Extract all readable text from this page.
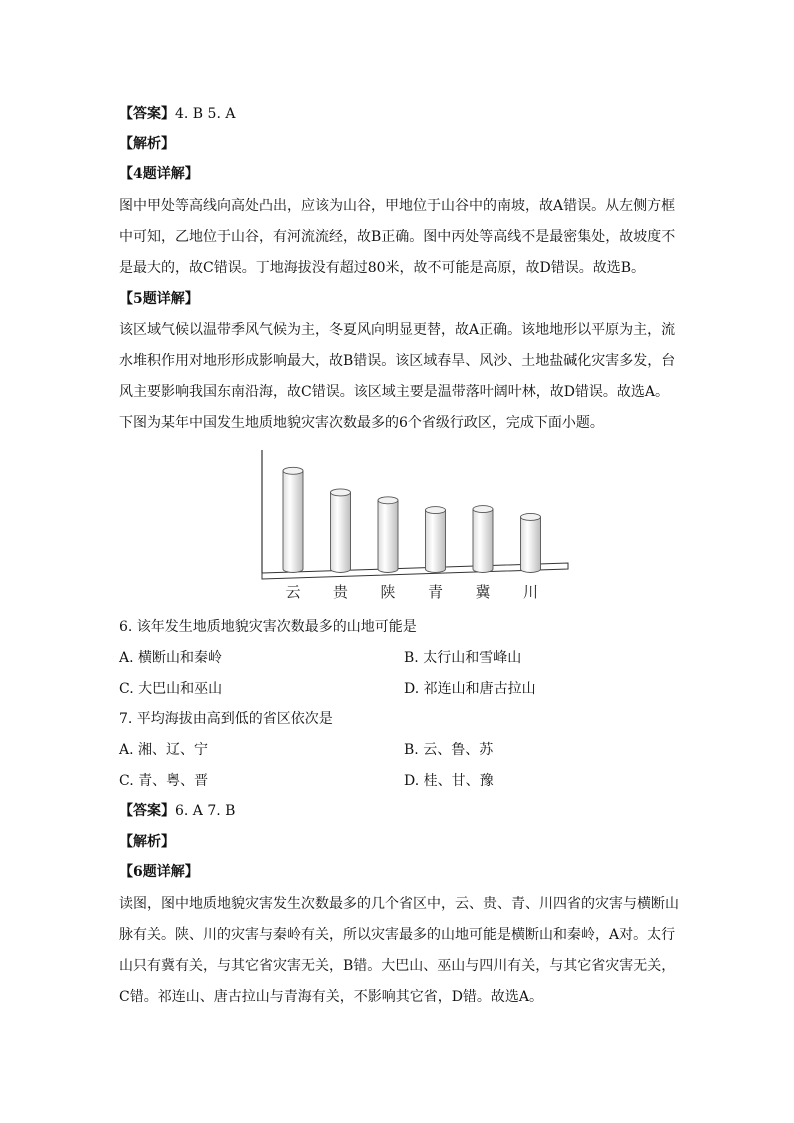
【答案】4. B 5. A
【解析】
【4题详解】
图中甲处等高线向高处凸出，应该为山谷，甲地位于山谷中的南坡，故A错误。从左侧方框
中可知，乙地位于山谷，有河流流经，故B正确。图中丙处等高线不是最密集处，故坡度不
是最大的，故C错误。丁地海拔没有超过80米，故不可能是高原，故D错误。故选B。
【5题详解】
该区域气候以温带季风气候为主，冬夏风向明显更替，故A正确。该地地形以平原为主，流
水堆积作用对地形形成影响最大，故B错误。该区域春旱、风沙、土地盐碱化灾害多发，台
风主要影响我国东南沿海，故C错误。该区域主要是温带落叶阔叶林，故D错误。故选A。
下图为某年中国发生地质地貌灾害次数最多的6个省级行政区，完成下面小题。
云 贵 陕 青 冀 川
6. 该年发生地质地貌灾害次数最多的山地可能是
A. 横断山和秦岭	B. 太行山和雪峰山
C. 大巴山和巫山	D. 祁连山和唐古拉山
7. 平均海拔由高到低的省区依次是
A. 湘、辽、宁	B. 云、鲁、苏
C. 青、粤、晋	D. 桂、甘、豫
【答案】6. A 7. B
【解析】
【6题详解】
读图，图中地质地貌灾害发生次数最多的几个省区中，云、贵、青、川四省的灾害与横断山
脉有关。陕、川的灾害与秦岭有关，所以灾害最多的山地可能是横断山和秦岭，A对。太行
山只有冀有关，与其它省灾害无关，B错。大巴山、巫山与四川有关，与其它省灾害无关，
C错。祁连山、唐古拉山与青海有关，不影响其它省，D错。故选A。
